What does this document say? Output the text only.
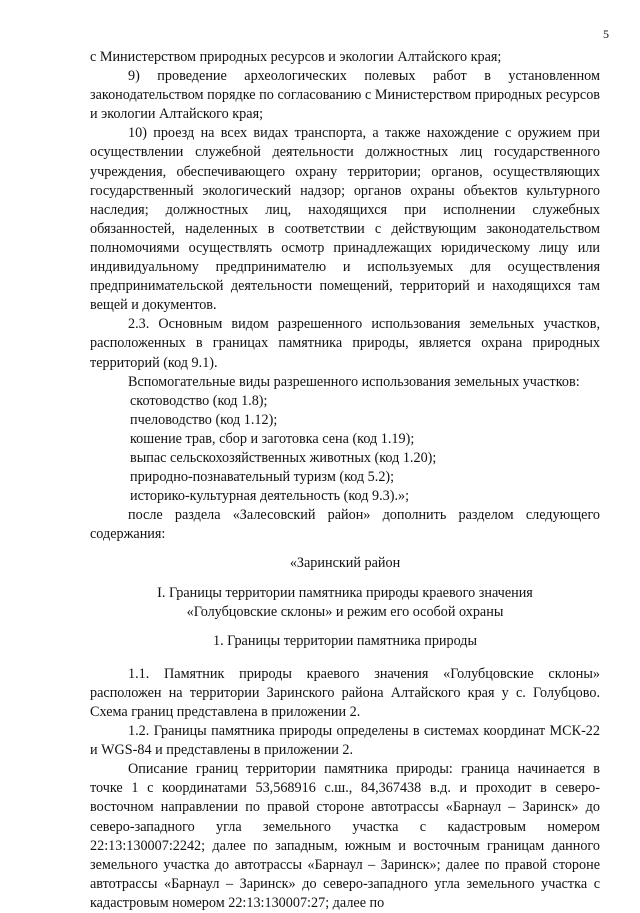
5

с Министерством природных ресурсов и экологии Алтайского края;

9) проведение археологических полевых работ в установленном законодательством порядке по согласованию с Министерством природных ресурсов и экологии Алтайского края;

10) проезд на всех видах транспорта, а также нахождение с оружием при осуществлении служебной деятельности должностных лиц государственного учреждения, обеспечивающего охрану территории; органов, осуществляющих государственный экологический надзор; органов охраны объектов культурного наследия; должностных лиц, находящихся при исполнении служебных обязанностей, наделенных в соответствии с действующим законодательством полномочиями осуществлять осмотр принадлежащих юридическому лицу или индивидуальному предпринимателю и используемых для осуществления предпринимательской деятельности помещений, территорий и находящихся там вещей и документов.

2.3. Основным видом разрешенного использования земельных участков, расположенных в границах памятника природы, является охрана природных территорий (код 9.1).

Вспомогательные виды разрешенного использования земельных участков:

скотоводство (код 1.8);

пчеловодство (код 1.12);

кошение трав, сбор и заготовка сена (код 1.19);

выпас сельскохозяйственных животных (код 1.20);

природно-познавательный туризм (код 5.2);

историко-культурная деятельность (код 9.3).»;

после раздела «Залесовский район» дополнить разделом следующего содержания:

«Заринский район

I. Границы территории памятника природы краевого значения

«Голубцовские склоны» и режим его особой охраны

1. Границы территории памятника природы

1.1. Памятник природы краевого значения «Голубцовские склоны» расположен на территории Заринского района Алтайского края у с. Голубцово. Схема границ представлена в приложении 2.

1.2. Границы памятника природы определены в системах координат МСК-22 и WGS-84 и представлены в приложении 2.

Описание границ территории памятника природы: граница начинается в точке 1 с координатами 53,568916 с.ш., 84,367438 в.д. и проходит в северо-восточном направлении по правой стороне автотрассы «Барнаул – Заринск» до северо-западного угла земельного участка с кадастровым номером 22:13:130007:2242; далее по западным, южным и восточным границам данного земельного участка до автотрассы «Барнаул – Заринск»; далее по правой стороне автотрассы «Барнаул – Заринск» до северо-западного угла земельного участка с кадастровым номером 22:13:130007:27; далее по
